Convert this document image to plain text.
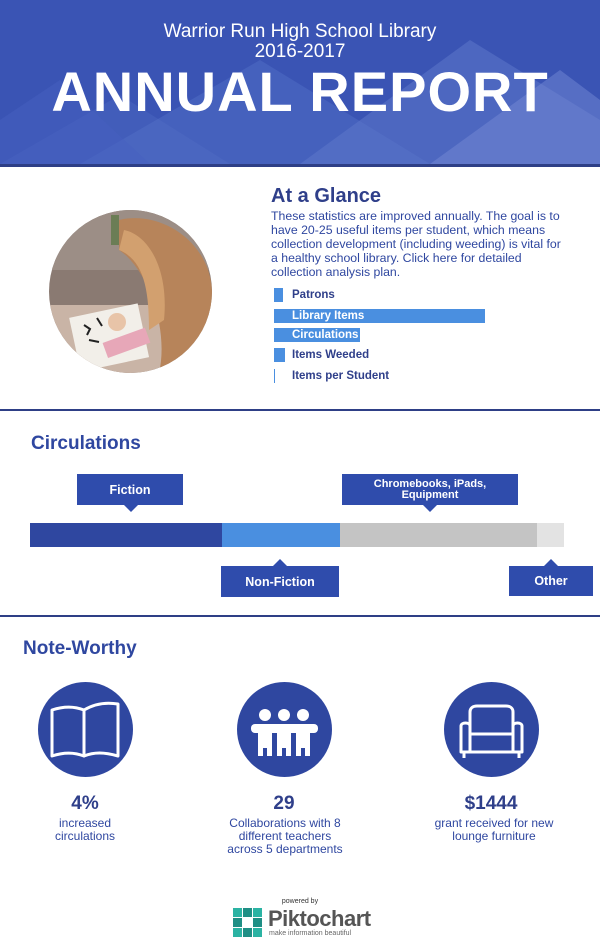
Warrior Run High School Library
2016-2017
ANNUAL REPORT
At a Glance
These statistics are improved annually. The goal is to have 20-25 useful items per student, which means collection development (including weeding) is vital for a healthy school library. Click here for detailed collection analysis plan.
Patrons
Library Items
Circulations
Items Weeded
Items per Student
Circulations
Fiction	Chromebooks, iPads, Equipment
Non-Fiction	Other
Note-Worthy
4%
increased circulations
29
Collaborations with 8 different teachers across 5 departments
$1444
grant received for new lounge furniture
powered by
Piktochart
make information beautiful
